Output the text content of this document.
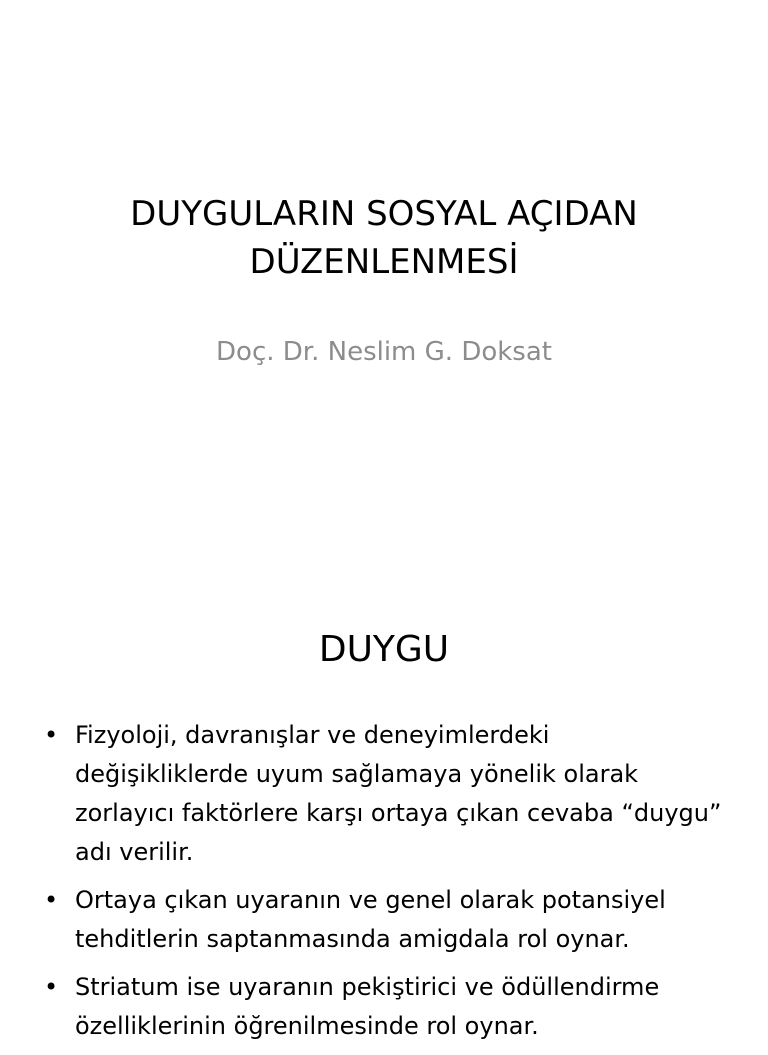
DUYGULARIN SOSYAL AÇIDAN
DÜZENLENMESİ

Doç. Dr. Neslim G. Doksat

DUYGU
• Fizyoloji, davranışlar ve deneyimlerdeki değişikliklerde uyum sağlamaya yönelik olarak zorlayıcı faktörlere karşı ortaya çıkan cevaba “duygu” adı verilir.
• Ortaya çıkan uyaranın ve genel olarak potansiyel tehditlerin saptanmasında amigdala rol oynar.
• Striatum ise uyaranın pekiştirici ve ödüllendirme özelliklerinin öğrenilmesinde rol oynar.
